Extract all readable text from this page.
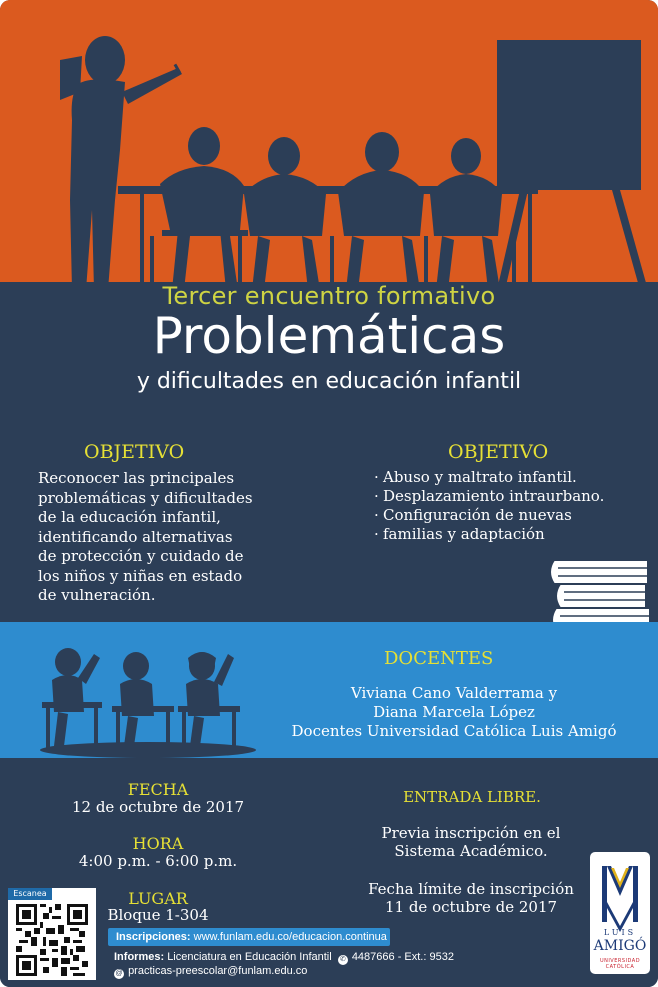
Tercer encuentro formativo
Problemáticas
y dificultades en educación infantil
OBJETIVO
Reconocer las principales
problemáticas y dificultades
de la educación infantil,
identificando alternativas
de protección y cuidado de
los niños y niñas en estado
de vulneración.
OBJETIVO
· Abuso y maltrato infantil.
· Desplazamiento intraurbano.
· Configuración de nuevas
· familias y adaptación
DOCENTES
Viviana Cano Valderrama y
Diana Marcela López
Docentes Universidad Católica Luis Amigó
FECHA
12 de octubre de 2017
HORA
4:00 p.m. - 6:00 p.m.
LUGAR
Bloque 1-304
ENTRADA LIBRE.
Previa inscripción en el
Sistema Académico.
Fecha límite de inscripción
11 de octubre de 2017
Escanea
Inscripciones: www.funlam.edu.co/educacion.continua
Informes: Licenciatura en Educación Infantil ✆ 4487666 - Ext.: 9532
@ practicas-preescolar@funlam.edu.co
LUIS
AMIGÓ
UNIVERSIDAD CATÓLICA
